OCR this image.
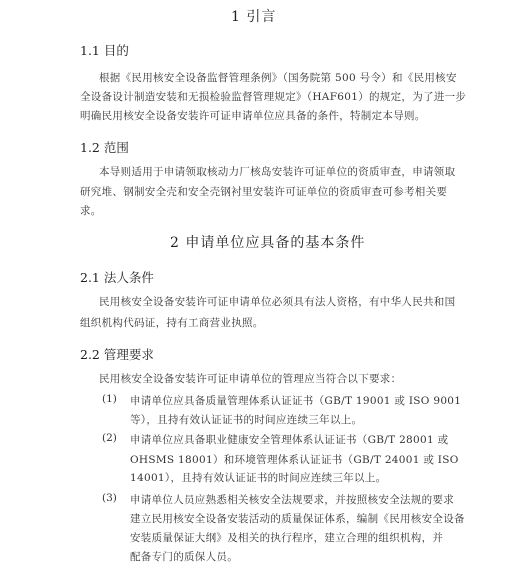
1 引言
1.1 目的
根据《民用核安全设备监督管理条例》（国务院第 500 号令）和《民用核安
全设备设计制造安装和无损检验监督管理规定》（HAF601）的规定，为了进一步
明确民用核安全设备安装许可证申请单位应具备的条件，特制定本导则。
1.2 范围
本导则适用于申请领取核动力厂核岛安装许可证单位的资质审查，申请领取
研究堆、钢制安全壳和安全壳钢衬里安装许可证单位的资质审查可参考相关要
求。
2 申请单位应具备的基本条件
2.1 法人条件
民用核安全设备安装许可证申请单位必须具有法人资格，有中华人民共和国
组织机构代码证，持有工商营业执照。
2.2 管理要求
民用核安全设备安装许可证申请单位的管理应当符合以下要求：
(1) 申请单位应具备质量管理体系认证证书（GB/T 19001 或 ISO 9001
等），且持有效认证证书的时间应连续三年以上。
(2) 申请单位应具备职业健康安全管理体系认证证书（GB/T 28001 或
OHSMS 18001）和环境管理体系认证证书（GB/T 24001 或 ISO
14001），且持有效认证证书的时间应连续三年以上。
(3) 申请单位人员应熟悉相关核安全法规要求，并按照核安全法规的要求
建立民用核安全设备安装活动的质量保证体系，编制《民用核安全设备
安装质量保证大纲》及相关的执行程序，建立合理的组织机构，并
配备专门的质保人员。
